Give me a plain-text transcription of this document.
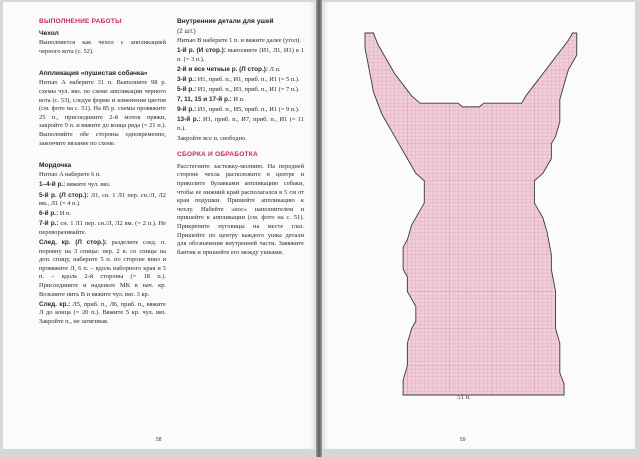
ВЫПОЛНЕНИЕ РАБОТЫ
Чехол

Выполняется как чехол с аппликацией черного кота (с. 52).

Аппликация «пушистая собачка»

Нитью A наберите 31 п. Выполните 98 р. схемы чул. вяз. по схеме аппликации черного кота (с. 53), следуя форме и изменения цветов (см. фото на с. 51). На 85 р. схемы провяжите 25 п., присоедините 2-й моток пряжи, закройте 9 п. и вяжите до конца ряда (= 21 п.). Выполняйте обе стороны одновременно, закончите вязание по схеме.

Мордочка

Нитью A наберите 6 п.

1–4-й р.: вяжите чул. вяз.

5-й р. (Л стор.): Л1, сн. 1 Л1 пер. сн./Л, Л2 вм., Л1 (= 4 п.).

6-й р.: И п.

7-й р.: сн. 1 Л1 пер. сн./Л, Л2 вм. (= 2 п.). Не переворачивайте.

След. кр. (Л стор.): разделите след. п. поровну на 3 спицы: пер. 2 в. со спицы на доп. спицу, наберите 5 п. по стороне вниз и провяжите Л, 6 п. – вдоль наборного края и 5 п. – вдоль 2-й стороны (= 18 п.). Присоедините и наденьте МК в нач. кр. Возьмите нить В и вяжите чул. вяз. 3 кр.

След. кр.: Л5, приб. п., Л6, приб. п., вяжите Л до конца (= 20 п.). Вяжите 5 кр. чул. вяз. Закройте п., не затягивая.

Внутренние детали для ушей
(2 шт.)

Нитью B наберите 1 п. и вяжите далее (угол).

1-й р. (И стор.): выполните (И1, Л1, И1) в 1 п. (= 3 п.).

2-й и все четные р. (Л стор.): Л п.

3-й р.: И1, приб. п., И1, приб. п., И1 (= 5 п.).

5-й р.: И1, приб. п., И3, приб. п., И1 (= 7 п.).

7, 11, 15 и 17-й р.: И п.

9-й р.: И1, приб. п., И5, приб. п., И1 (= 9 п.).

13-й р.: И1, приб. п., И7, приб. п., И1 (= 11 п.).

Закройте все п. свободно.

СБОРКА И ОБРАБОТКА

Расстегните застежку-молнию. На передней стороне чехла расположите в центре и приколите булавками аппликацию собаки, чтобы ее нижний край располагался в 5 см от края подушки. Пришейте аппликацию к чехлу. Набейте «нос» наполнителем и пришейте к аппликации (см. фото на с. 51). Прикрепите пуговицы на месте глаз. Пришейте по центру каждого ушка детали для обозначения внутренней части. Завяжите бантик и пришейте его между ушками.

58	59
51 п.
